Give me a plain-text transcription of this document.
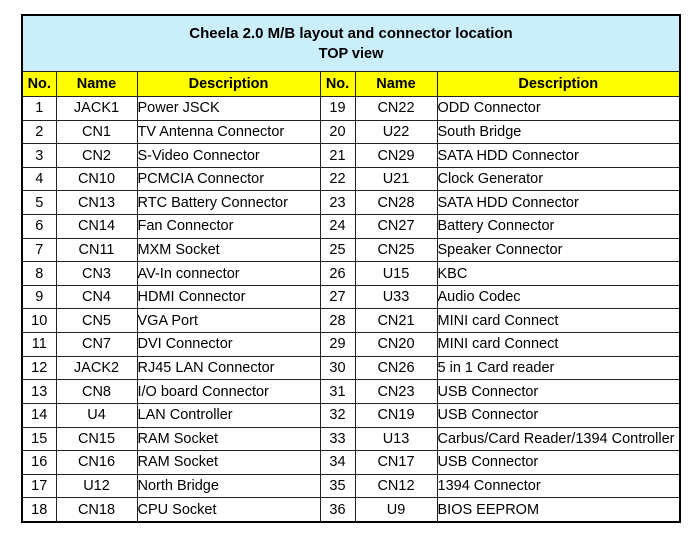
Cheela 2.0 M/B layout and connector location
TOP view					

No.	Name	Description	No.	Name	Description
1	JACK1	Power JSCK	19	CN22	ODD Connector
2	CN1	TV Antenna Connector	20	U22	South Bridge
3	CN2	S-Video Connector	21	CN29	SATA HDD Connector
4	CN10	PCMCIA Connector	22	U21	Clock Generator
5	CN13	RTC Battery Connector	23	CN28	SATA HDD Connector
6	CN14	Fan Connector	24	CN27	Battery Connector
7	CN11	MXM Socket	25	CN25	Speaker Connector
8	CN3	AV-In connector	26	U15	KBC
9	CN4	HDMI Connector	27	U33	Audio Codec
10	CN5	VGA Port	28	CN21	MINI card Connect
11	CN7	DVI Connector	29	CN20	MINI card Connect
12	JACK2	RJ45 LAN Connector	30	CN26	5 in 1 Card reader
13	CN8	I/O board Connector	31	CN23	USB Connector
14	U4	LAN Controller	32	CN19	USB Connector
15	CN15	RAM Socket	33	U13	Carbus/Card Reader/1394 Controller
16	CN16	RAM Socket	34	CN17	USB Connector
17	U12	North Bridge	35	CN12	1394 Connector
18	CN18	CPU Socket	36	U9	BIOS EEPROM
